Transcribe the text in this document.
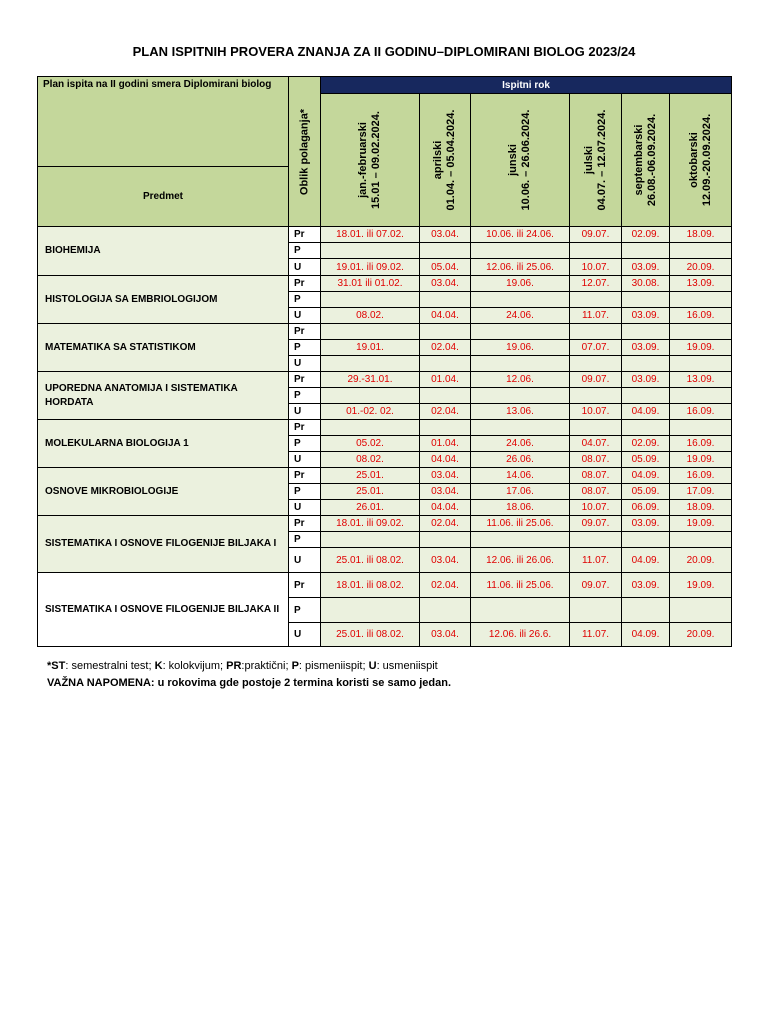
PLAN ISPITNIH PROVERA ZNANJA ZA II GODINU–DIPLOMIRANI BIOLOG 2023/24
Plan ispita na II godini smera Diplomirani biolog	Oblik polaganja*	Ispitni rok					

		jan.-februarski 15.01 – 09.02.2024.	aprilski 01.04. – 05.04.2024.	junski 10.06. – 26.06.2024.	julski 04.07. – 12.07.2024.	septembarski 26.08.-06.09.2024.	oktobarski 12.09.-20.09.2024.

Predmet							
BIOHEMIJA	Pr	18.01. ili 07.02.	03.04.	10.06. ili 24.06.	09.07.	02.09.	18.09.
	P						
	U	19.01. ili 09.02.	05.04.	12.06. ili 25.06.	10.07.	03.09.	20.09.
HISTOLOGIJA SA EMBRIOLOGIJOM	Pr	31.01 ili 01.02.	03.04.	19.06.	12.07.	30.08.	13.09.
	P						
	U	08.02.	04.04.	24.06.	11.07.	03.09.	16.09.
MATEMATIKA SA STATISTIKOM	Pr						
	P	19.01.	02.04.	19.06.	07.07.	03.09.	19.09.
	U						
UPOREDNA ANATOMIJA I SISTEMATIKA HORDATA	Pr	29.-31.01.	01.04.	12.06.	09.07.	03.09.	13.09.
	P						
	U	01.-02. 02.	02.04.	13.06.	10.07.	04.09.	16.09.
MOLEKULARNA BIOLOGIJA 1	Pr						
	P	05.02.	01.04.	24.06.	04.07.	02.09.	16.09.
	U	08.02.	04.04.	26.06.	08.07.	05.09.	19.09.
OSNOVE MIKROBIOLOGIJE	Pr	25.01.	03.04.	14.06.	08.07.	04.09.	16.09.
	P	25.01.	03.04.	17.06.	08.07.	05.09.	17.09.
	U	26.01.	04.04.	18.06.	10.07.	06.09.	18.09.
SISTEMATIKA I OSNOVE FILOGENIJE BILJAKA I	Pr	18.01. ili 09.02.	02.04.	11.06. ili 25.06.	09.07.	03.09.	19.09.
	P						
	U	25.01. ili 08.02.	03.04.	12.06. ili 26.06.	11.07.	04.09.	20.09.
SISTEMATIKA I OSNOVE FILOGENIJE BILJAKA II	Pr	18.01. ili 08.02.	02.04.	11.06. ili 25.06.	09.07.	03.09.	19.09.
	P						
	U	25.01. ili 08.02.	03.04.	12.06. ili 26.6.	11.07.	04.09.	20.09.
*ST: semestralni test; K: kolokvijum; PR:praktični; P: pismeniispit; U: usmeniispit
VAŽNA NAPOMENA: u rokovima gde postoje 2 termina koristi se samo jedan.
